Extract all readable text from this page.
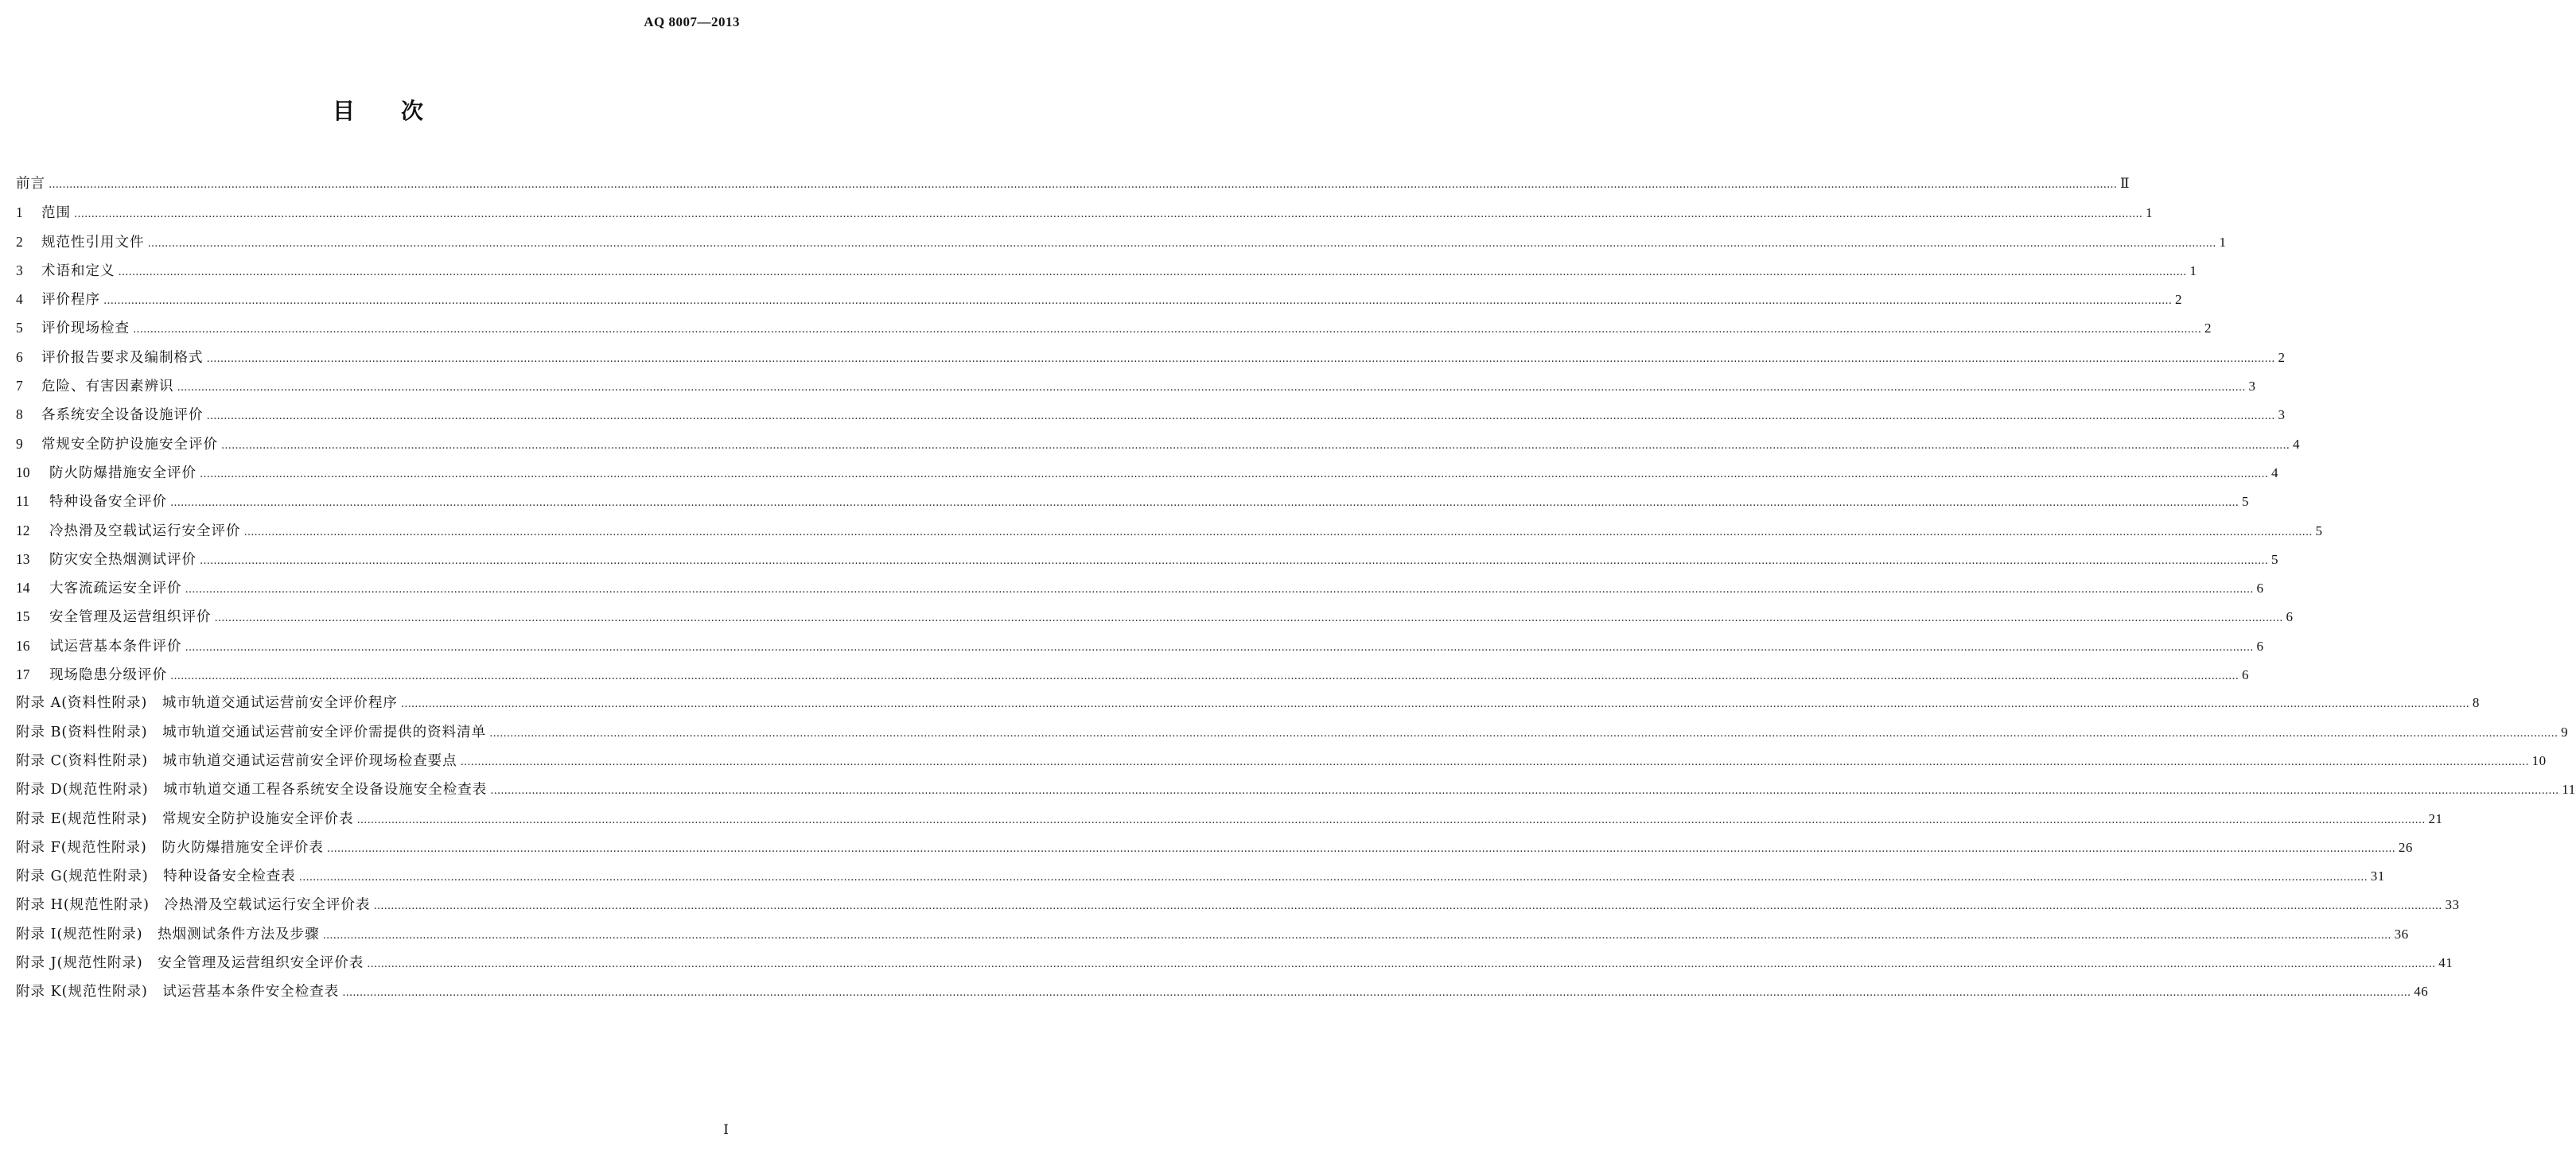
AQ 8007—2013
目次
前言 …………………………………………………………………………………………………………………………………………………………………………………………………………………………………………………………………………………………………………………………………………………………………………………………………………………………………………………………………………………………………………………………………………………… Ⅱ
1 范围 …………………………………………………………………………………………………………………………………………………………………………………………………………………………………………………………………………………………………………………………………………………………………………………………………………………………………………………………………………………………………………………………………………………… 1
2 规范性引用文件 …………………………………………………………………………………………………………………………………………………………………………………………………………………………………………………………………………………………………………………………………………………………………………………………………………………………………………………………………………………………………………………………………………………… 1
3 术语和定义 …………………………………………………………………………………………………………………………………………………………………………………………………………………………………………………………………………………………………………………………………………………………………………………………………………………………………………………………………………………………………………………………………………………… 1
4 评价程序 …………………………………………………………………………………………………………………………………………………………………………………………………………………………………………………………………………………………………………………………………………………………………………………………………………………………………………………………………………………………………………………………………………………… 2
5 评价现场检查 …………………………………………………………………………………………………………………………………………………………………………………………………………………………………………………………………………………………………………………………………………………………………………………………………………………………………………………………………………………………………………………………………………………… 2
6 评价报告要求及编制格式 …………………………………………………………………………………………………………………………………………………………………………………………………………………………………………………………………………………………………………………………………………………………………………………………………………………………………………………………………………………………………………………………………………………… 2
7 危险、有害因素辨识 …………………………………………………………………………………………………………………………………………………………………………………………………………………………………………………………………………………………………………………………………………………………………………………………………………………………………………………………………………………………………………………………………………………… 3
8 各系统安全设备设施评价 …………………………………………………………………………………………………………………………………………………………………………………………………………………………………………………………………………………………………………………………………………………………………………………………………………………………………………………………………………………………………………………………………………………… 3
9 常规安全防护设施安全评价 …………………………………………………………………………………………………………………………………………………………………………………………………………………………………………………………………………………………………………………………………………………………………………………………………………………………………………………………………………………………………………………………………………………… 4
10 防火防爆措施安全评价 …………………………………………………………………………………………………………………………………………………………………………………………………………………………………………………………………………………………………………………………………………………………………………………………………………………………………………………………………………………………………………………………………………………… 4
11 特种设备安全评价 …………………………………………………………………………………………………………………………………………………………………………………………………………………………………………………………………………………………………………………………………………………………………………………………………………………………………………………………………………………………………………………………………………………… 5
12 冷热滑及空载试运行安全评价 …………………………………………………………………………………………………………………………………………………………………………………………………………………………………………………………………………………………………………………………………………………………………………………………………………………………………………………………………………………………………………………………………………………… 5
13 防灾安全热烟测试评价 …………………………………………………………………………………………………………………………………………………………………………………………………………………………………………………………………………………………………………………………………………………………………………………………………………………………………………………………………………………………………………………………………………………… 5
14 大客流疏运安全评价 …………………………………………………………………………………………………………………………………………………………………………………………………………………………………………………………………………………………………………………………………………………………………………………………………………………………………………………………………………………………………………………………………………………… 6
15 安全管理及运营组织评价 …………………………………………………………………………………………………………………………………………………………………………………………………………………………………………………………………………………………………………………………………………………………………………………………………………………………………………………………………………………………………………………………………………………… 6
16 试运营基本条件评价 …………………………………………………………………………………………………………………………………………………………………………………………………………………………………………………………………………………………………………………………………………………………………………………………………………………………………………………………………………………………………………………………………………………… 6
17 现场隐患分级评价 …………………………………………………………………………………………………………………………………………………………………………………………………………………………………………………………………………………………………………………………………………………………………………………………………………………………………………………………………………………………………………………………………………………… 6
附录 A(资料性附录)　城市轨道交通试运营前安全评价程序 …………………………………………………………………………………………………………………………………………………………………………………………………………………………………………………………………………………………………………………………………………………………………………………………………………………………………………………………………………………………………………………………………………………… 8
附录 B(资料性附录)　城市轨道交通试运营前安全评价需提供的资料清单 …………………………………………………………………………………………………………………………………………………………………………………………………………………………………………………………………………………………………………………………………………………………………………………………………………………………………………………………………………………………………………………………………………………… 9
附录 C(资料性附录)　城市轨道交通试运营前安全评价现场检查要点 …………………………………………………………………………………………………………………………………………………………………………………………………………………………………………………………………………………………………………………………………………………………………………………………………………………………………………………………………………………………………………………………………………………… 10
附录 D(规范性附录)　城市轨道交通工程各系统安全设备设施安全检查表 …………………………………………………………………………………………………………………………………………………………………………………………………………………………………………………………………………………………………………………………………………………………………………………………………………………………………………………………………………………………………………………………………………………… 11
附录 E(规范性附录)　常规安全防护设施安全评价表 …………………………………………………………………………………………………………………………………………………………………………………………………………………………………………………………………………………………………………………………………………………………………………………………………………………………………………………………………………………………………………………………………………………… 21
附录 F(规范性附录)　防火防爆措施安全评价表 …………………………………………………………………………………………………………………………………………………………………………………………………………………………………………………………………………………………………………………………………………………………………………………………………………………………………………………………………………………………………………………………………………………… 26
附录 G(规范性附录)　特种设备安全检查表 …………………………………………………………………………………………………………………………………………………………………………………………………………………………………………………………………………………………………………………………………………………………………………………………………………………………………………………………………………………………………………………………………………………… 31
附录 H(规范性附录)　冷热滑及空载试运行安全评价表 …………………………………………………………………………………………………………………………………………………………………………………………………………………………………………………………………………………………………………………………………………………………………………………………………………………………………………………………………………………………………………………………………………………… 33
附录 I(规范性附录)　热烟测试条件方法及步骤 …………………………………………………………………………………………………………………………………………………………………………………………………………………………………………………………………………………………………………………………………………………………………………………………………………………………………………………………………………………………………………………………………………………… 36
附录 J(规范性附录)　安全管理及运营组织安全评价表 …………………………………………………………………………………………………………………………………………………………………………………………………………………………………………………………………………………………………………………………………………………………………………………………………………………………………………………………………………………………………………………………………………………… 41
附录 K(规范性附录)　试运营基本条件安全检查表 …………………………………………………………………………………………………………………………………………………………………………………………………………………………………………………………………………………………………………………………………………………………………………………………………………………………………………………………………………………………………………………………………………………… 46
Ⅰ
